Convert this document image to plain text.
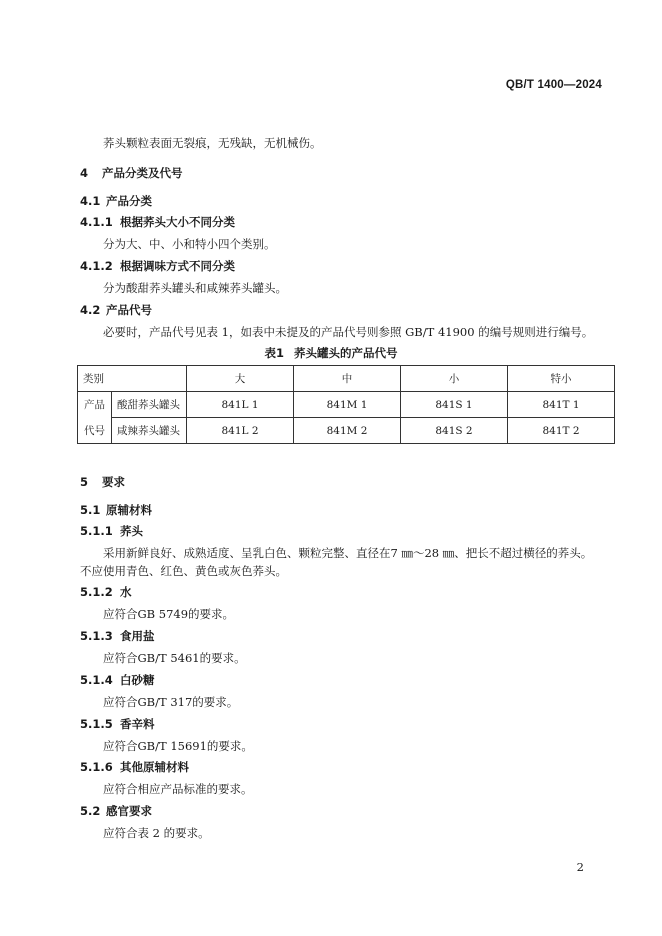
QB/T 1400—2024
荞头颗粒表面无裂痕，无残缺，无机械伤。
4 产品分类及代号
4.1 产品分类
4.1.1 根据荞头大小不同分类
分为大、中、小和特小四个类别。
4.1.2 根据调味方式不同分类
分为酸甜荞头罐头和咸辣荞头罐头。
4.2 产品代号
必要时，产品代号见表 1，如表中未提及的产品代号则参照 GB/T 41900 的编号规则进行编号。
表1 荞头罐头的产品代号
类别		大	中	小	特小
产品	酸甜荞头罐头	841L 1	841M 1	841S 1	841T 1
代号	咸辣荞头罐头	841L 2	841M 2	841S 2	841T 2
5 要求
5.1 原辅材料
5.1.1 荞头
采用新鲜良好、成熟适度、呈乳白色、颗粒完整、直径在7 ㎜～28 ㎜、把长不超过横径的荞头。
不应使用青色、红色、黄色或灰色荞头。
5.1.2 水
应符合GB 5749的要求。
5.1.3 食用盐
应符合GB/T 5461的要求。
5.1.4 白砂糖
应符合GB/T 317的要求。
5.1.5 香辛料
应符合GB/T 15691的要求。
5.1.6 其他原辅材料
应符合相应产品标准的要求。
5.2 感官要求
应符合表 2 的要求。
2
